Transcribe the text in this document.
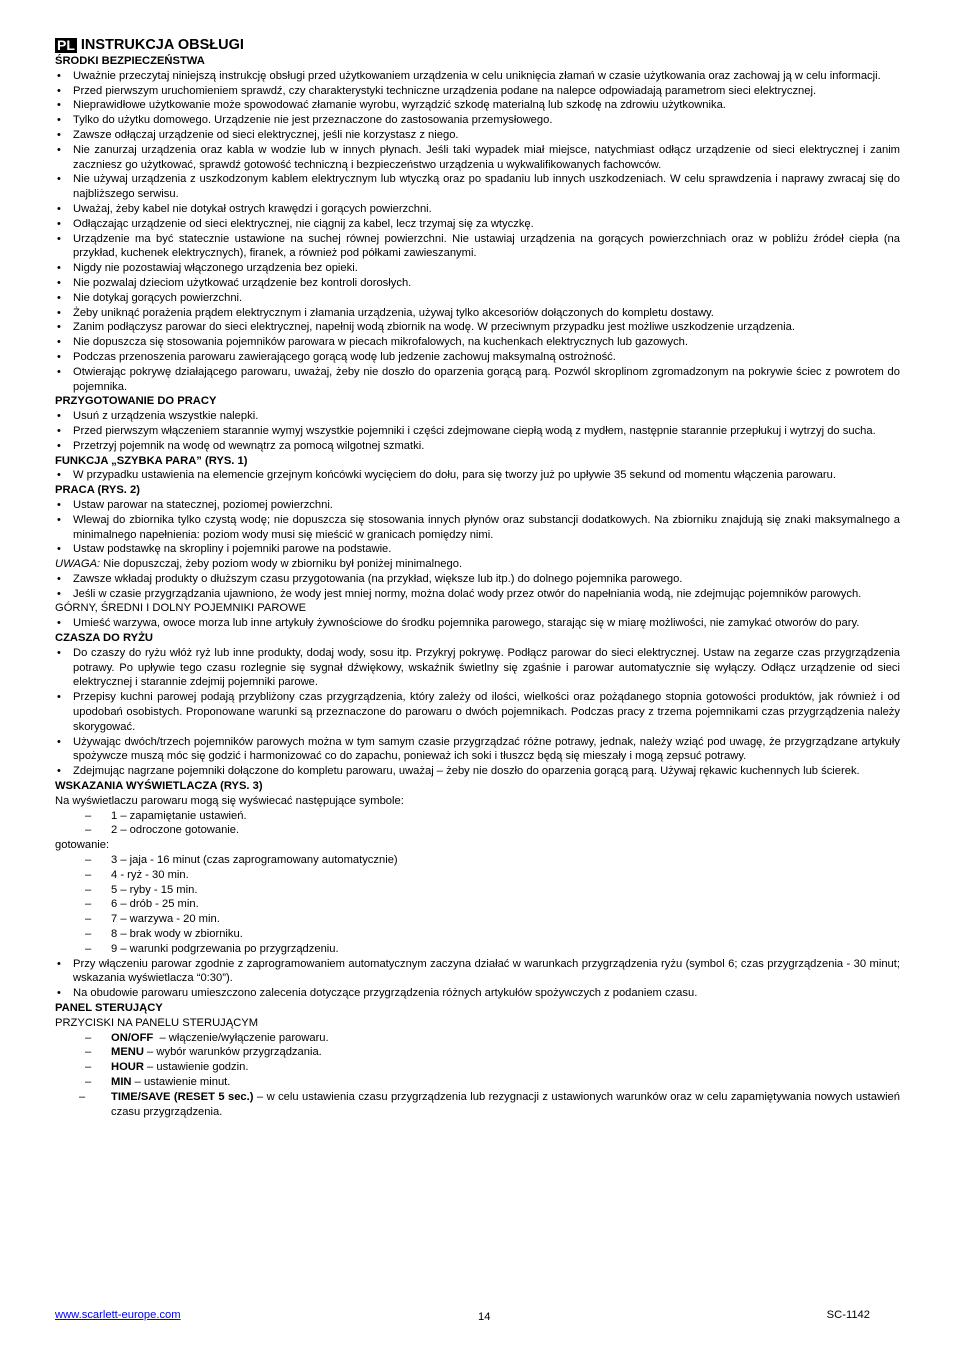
PL INSTRUKCJA OBSŁUGI
ŚRODKI BEZPIECZEŃSTWA
• Uważnie przeczytaj niniejszą instrukcję obsługi przed użytkowaniem urządzenia w celu uniknięcia złamań w czasie użytkowania oraz zachowaj ją w celu informacji.
• Przed pierwszym uruchomieniem sprawdź, czy charakterystyki techniczne urządzenia podane na nalepce odpowiadają parametrom sieci elektrycznej.
• Nieprawidłowe użytkowanie może spowodować złamanie wyrobu, wyrządzić szkodę materialną lub szkodę na zdrowiu użytkownika.
• Tylko do użytku domowego. Urządzenie nie jest przeznaczone do zastosowania przemysłowego.
• Zawsze odłączaj urządzenie od sieci elektrycznej, jeśli nie korzystasz z niego.
• Nie zanurzaj urządzenia oraz kabla w wodzie lub w innych płynach. Jeśli taki wypadek miał miejsce, natychmiast odłącz urządzenie od sieci elektrycznej i zanim zaczniesz go użytkować, sprawdź gotowość techniczną i bezpieczeństwo urządzenia u wykwalifikowanych fachowców.
• Nie używaj urządzenia z uszkodzonym kablem elektrycznym lub wtyczką oraz po spadaniu lub innych uszkodzeniach. W celu sprawdzenia i naprawy zwracaj się do najbliższego serwisu.
• Uważaj, żeby kabel nie dotykał ostrych krawędzi i gorących powierzchni.
• Odłączając urządzenie od sieci elektrycznej, nie ciągnij za kabel, lecz trzymaj się za wtyczkę.
• Urządzenie ma być statecznie ustawione na suchej równej powierzchni. Nie ustawiaj urządzenia na gorących powierzchniach oraz w pobliżu źródeł ciepła (na przykład, kuchenek elektrycznych), firanek, a również pod półkami zawieszanymi.
• Nigdy nie pozostawiaj włączonego urządzenia bez opieki.
• Nie pozwalaj dzieciom użytkować urządzenie bez kontroli dorosłych.
• Nie dotykaj gorących powierzchni.
• Żeby uniknąć porażenia prądem elektrycznym i złamania urządzenia, używaj tylko akcesoriów dołączonych do kompletu dostawy.
• Zanim podłączysz parowar do sieci elektrycznej, napełnij wodą zbiornik na wodę. W przeciwnym przypadku jest możliwe uszkodzenie urządzenia.
• Nie dopuszcza się stosowania pojemników parowara w piecach mikrofalowych, na kuchenkach elektrycznych lub gazowych.
• Podczas przenoszenia parowaru zawierającego gorącą wodę lub jedzenie zachowuj maksymalną ostrożność.
• Otwierając pokrywę działającego parowaru, uważaj, żeby nie doszło do oparzenia gorącą parą. Pozwól skroplinom zgromadzonym na pokrywie ściec z powrotem do pojemnika.
PRZYGOTOWANIE DO PRACY
• Usuń z urządzenia wszystkie nalepki.
• Przed pierwszym włączeniem starannie wymyj wszystkie pojemniki i części zdejmowane ciepłą wodą z mydłem, następnie starannie przepłukuj i wytrzyj do sucha.
• Przetrzyj pojemnik na wodę od wewnątrz za pomocą wilgotnej szmatki.
FUNKCJA „SZYBKA PARA” (RYS. 1)
• W przypadku ustawienia na elemencie grzejnym końcówki wycięciem do dołu, para się tworzy już po upływie 35 sekund od momentu włączenia parowaru.
PRACA (RYS. 2)
• Ustaw parowar na statecznej, poziomej powierzchni.
• Wlewaj do zbiornika tylko czystą wodę; nie dopuszcza się stosowania innych płynów oraz substancji dodatkowych. Na zbiorniku znajdują się znaki maksymalnego a minimalnego napełnienia: poziom wody musi się mieścić w granicach pomiędzy nimi.
• Ustaw podstawkę na skropliny i pojemniki parowe na podstawie.
UWAGA: Nie dopuszczaj, żeby poziom wody w zbiorniku był poniżej minimalnego.
• Zawsze wkładaj produkty o dłuższym czasu przygotowania (na przykład, większe lub itp.) do dolnego pojemnika parowego.
• Jeśli w czasie przygrządzania ujawniono, że wody jest mniej normy, można dolać wody przez otwór do napełniania wodą, nie zdejmując pojemników parowych.
GÓRNY, ŚREDNI I DOLNY POJEMNIKI PAROWE
• Umieść warzywa, owoce morza lub inne artykuły żywnościowe do środku pojemnika parowego, starając się w miarę możliwości, nie zamykać otworów do pary.
CZASZA DO RYŻU
• Do czaszy do ryżu włóż ryż lub inne produkty, dodaj wody, sosu itp. Przykryj pokrywę. Podłącz parowar do sieci elektrycznej. Ustaw na zegarze czas przygrządzenia potrawy. Po upływie tego czasu rozlegnie się sygnał dźwiękowy, wskaźnik świetlny się zgaśnie i parowar automatycznie się wyłączy. Odłącz urządzenie od sieci elektrycznej i starannie zdejmij pojemniki parowe.
• Przepisy kuchni parowej podają przybliżony czas przygrządzenia, który zależy od ilości, wielkości oraz pożądanego stopnia gotowości produktów, jak również i od upodobań osobistych. Proponowane warunki są przeznaczone do parowaru o dwóch pojemnikach. Podczas pracy z trzema pojemnikami czas przygrządzenia należy skorygować.
• Używając dwóch/trzech pojemników parowych można w tym samym czasie przygrządzać różne potrawy, jednak, należy wziąć pod uwagę, że przygrządzane artykuły spożywcze muszą móc się godzić i harmonizować co do zapachu, ponieważ ich soki i tłuszcz będą się mieszały i mogą zepsuć potrawy.
• Zdejmując nagrzane pojemniki dołączone do kompletu parowaru, uważaj – żeby nie doszło do oparzenia gorącą parą. Używaj rękawic kuchennych lub ścierek.
WSKAZANIA WYŚWIETLACZA (RYS. 3)
Na wyświetlaczu parowaru mogą się wyświecać następujące symbole:
– 1 – zapamiętanie ustawień.
– 2 – odroczone gotowanie.
gotowanie:
– 3 – jaja - 16 minut (czas zaprogramowany automatycznie)
– 4 - ryż - 30 min.
– 5 – ryby - 15 min.
– 6 – drób - 25 min.
– 7 – warzywa - 20 min.
– 8 – brak wody w zbiorniku.
– 9 – warunki podgrzewania po przygrządzeniu.
• Przy włączeniu parowar zgodnie z zaprogramowaniem automatycznym zaczyna działać w warunkach przygrządzenia ryżu (symbol 6; czas przygrządzenia - 30 minut; wskazania wyświetlacza “0:30”).
• Na obudowie parowaru umieszczono zalecenia dotyczące przygrządzenia różnych artykułów spożywczych z podaniem czasu.
PANEL STERUJĄCY
PRZYCISKI NA PANELU STERUJĄCYM
– ON/OFF  – włączenie/wyłączenie parowaru.
– MENU – wybór warunków przygrządzania.
– HOUR – ustawienie godzin.
– MIN – ustawienie minut.
– TIME/SAVE (RESET 5 sec.) – w celu ustawienia czasu przygrządzenia lub rezygnacji z ustawionych warunków oraz w celu zapamiętywania nowych ustawień czasu przygrządzenia.
www.scarlett-europe.com	14	SC-1142
